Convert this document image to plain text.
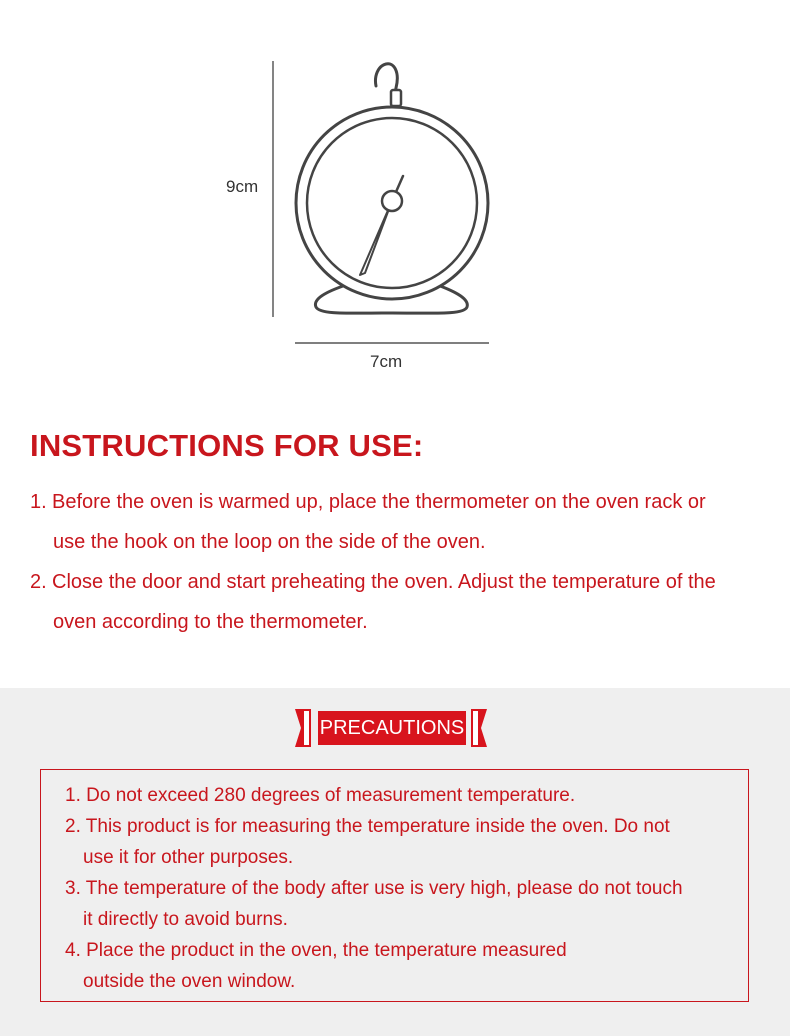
9cm
7cm
INSTRUCTIONS FOR USE:
1. Before the oven is warmed up, place the thermometer on the oven rack or
use the hook on the loop on the side of the oven.
2. Close the door and start preheating the oven. Adjust the temperature of the
oven according to the thermometer.
PRECAUTIONS
1. Do not exceed 280 degrees of measurement temperature.
2. This product is for measuring the temperature inside the oven. Do not
use it for other purposes.
3. The temperature of the body after use is very high, please do not touch
it directly to avoid burns.
4. Place the product in the oven, the temperature measured
outside the oven window.
